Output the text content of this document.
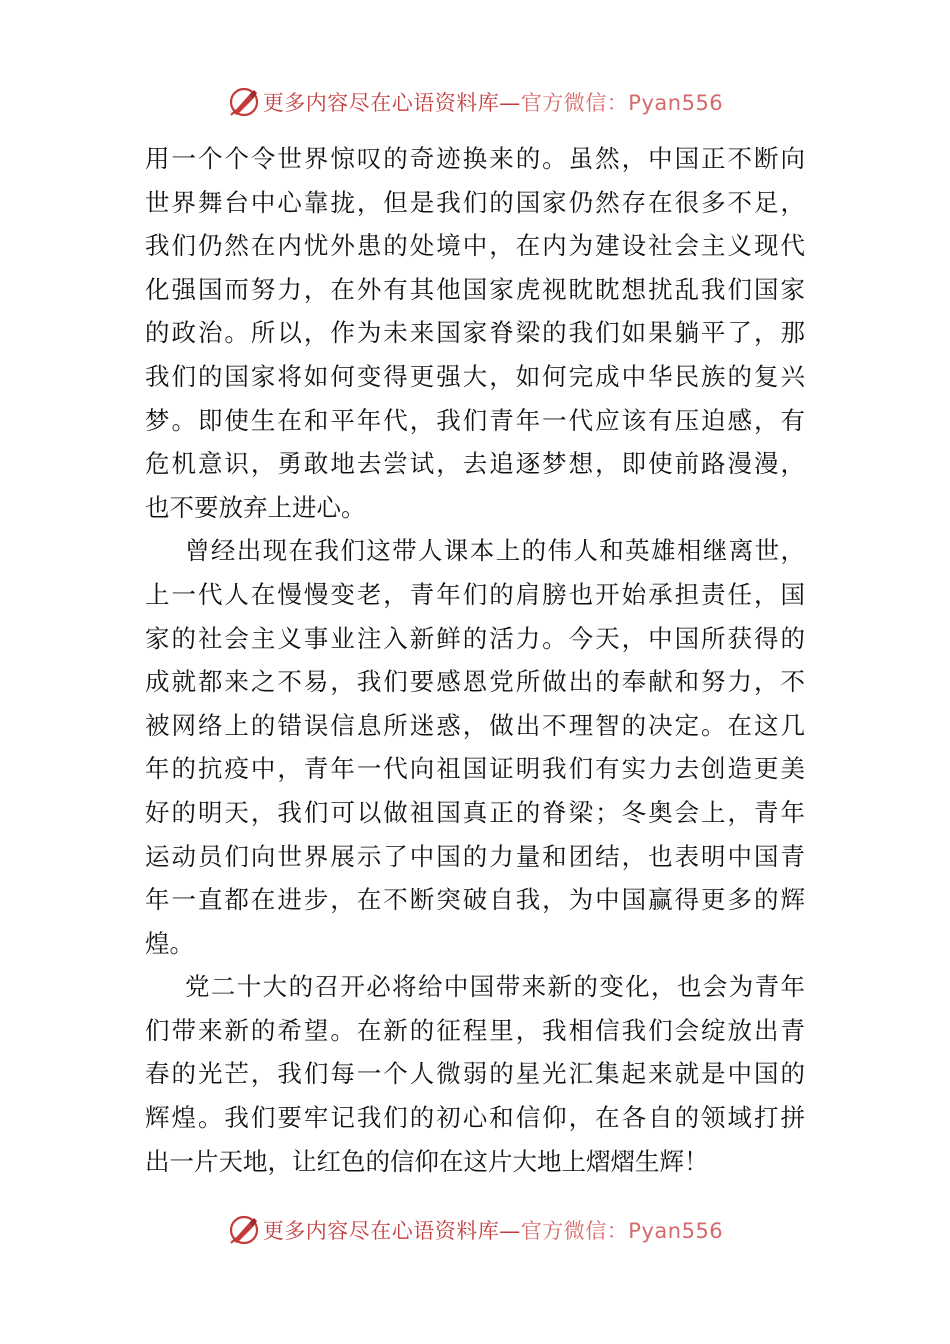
更多内容尽在心语资料库—官方微信：Pyan556
用一个个令世界惊叹的奇迹换来的。虽然，中国正不断向
世界舞台中心靠拢，但是我们的国家仍然存在很多不足，
我们仍然在内忧外患的处境中，在内为建设社会主义现代
化强国而努力，在外有其他国家虎视眈眈想扰乱我们国家
的政治。所以，作为未来国家脊梁的我们如果躺平了，那
我们的国家将如何变得更强大，如何完成中华民族的复兴
梦。即使生在和平年代，我们青年一代应该有压迫感，有
危机意识，勇敢地去尝试，去追逐梦想，即使前路漫漫，
也不要放弃上进心。
曾经出现在我们这带人课本上的伟人和英雄相继离世，
上一代人在慢慢变老，青年们的肩膀也开始承担责任，国
家的社会主义事业注入新鲜的活力。今天，中国所获得的
成就都来之不易，我们要感恩党所做出的奉献和努力，不
被网络上的错误信息所迷惑，做出不理智的决定。在这几
年的抗疫中，青年一代向祖国证明我们有实力去创造更美
好的明天，我们可以做祖国真正的脊梁；冬奥会上，青年
运动员们向世界展示了中国的力量和团结，也表明中国青
年一直都在进步，在不断突破自我，为中国赢得更多的辉
煌。
党二十大的召开必将给中国带来新的变化，也会为青年
们带来新的希望。在新的征程里，我相信我们会绽放出青
春的光芒，我们每一个人微弱的星光汇集起来就是中国的
辉煌。我们要牢记我们的初心和信仰，在各自的领域打拼
出一片天地，让红色的信仰在这片大地上熠熠生辉！
更多内容尽在心语资料库—官方微信：Pyan556
